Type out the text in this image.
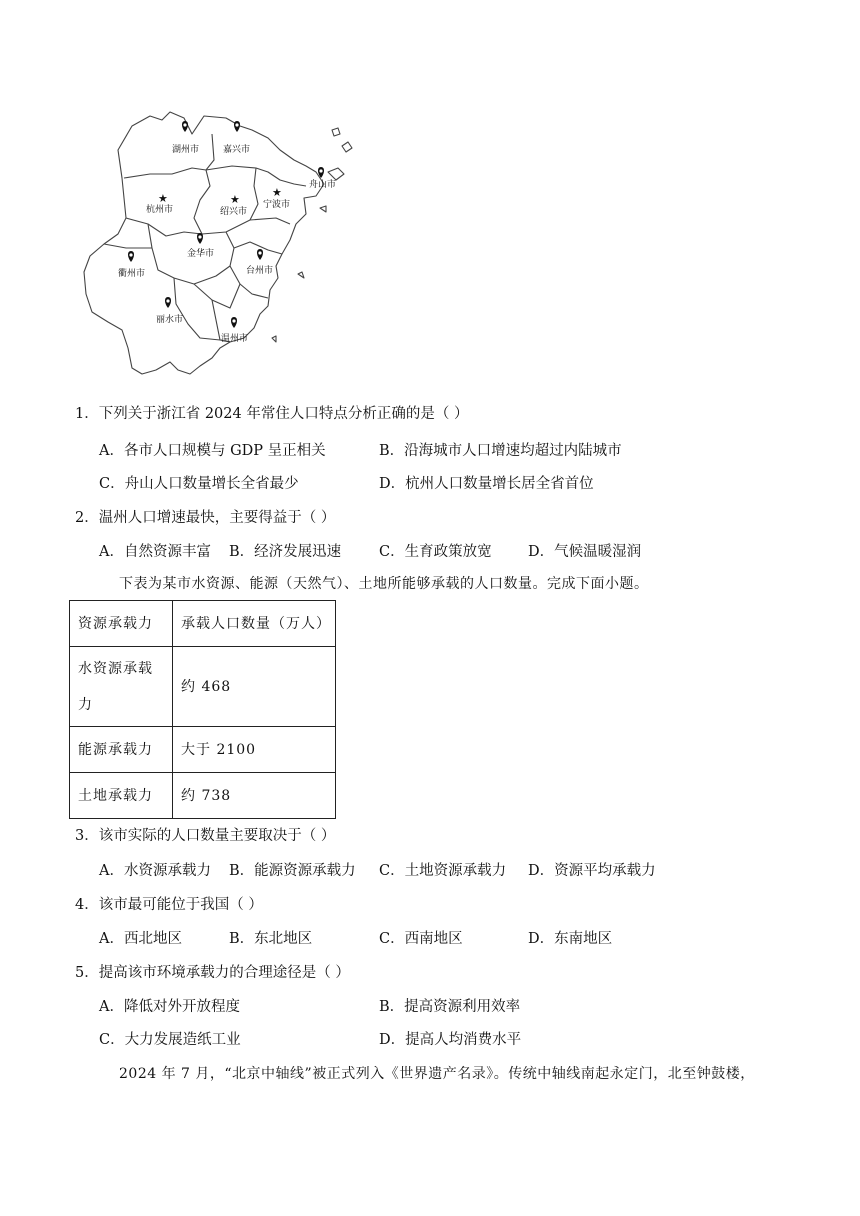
湖州市	嘉兴市
★
杭州市
★
绍兴市
★
宁波市
舟山市
金华市
衢州市	台州市
丽水市
温州市
1．下列关于浙江省 2024 年常住人口特点分析正确的是（ ）
A．各市人口规模与 GDP 呈正相关	B．沿海城市人口增速均超过内陆城市
C．舟山人口数量增长全省最少	D．杭州人口数量增长居全省首位
2．温州人口增速最快，主要得益于（ ）
A．自然资源丰富 B．经济发展迅速	C．生育政策放宽	D．气候温暖湿润
下表为某市水资源、能源（天然气）、土地所能够承载的人口数量。完成下面小题。
资源承载力	承载人口数量（万人）

水资源承载
力	约 468
能源承载力	大于 2100
土地承载力	约 738
3．该市实际的人口数量主要取决于（ ）
A．水资源承载力 B．能源资源承载力 C．土地资源承载力 D．资源平均承载力
4．该市最可能位于我国（ ）
A．西北地区	B．东北地区	C．西南地区	D．东南地区
5．提高该市环境承载力的合理途径是（ ）
A．降低对外开放程度	B．提高资源利用效率
C．大力发展造纸工业	D．提高人均消费水平
2024 年 7 月，“北京中轴线”被正式列入《世界遗产名录》。传统中轴线南起永定门，北至钟鼓楼，
